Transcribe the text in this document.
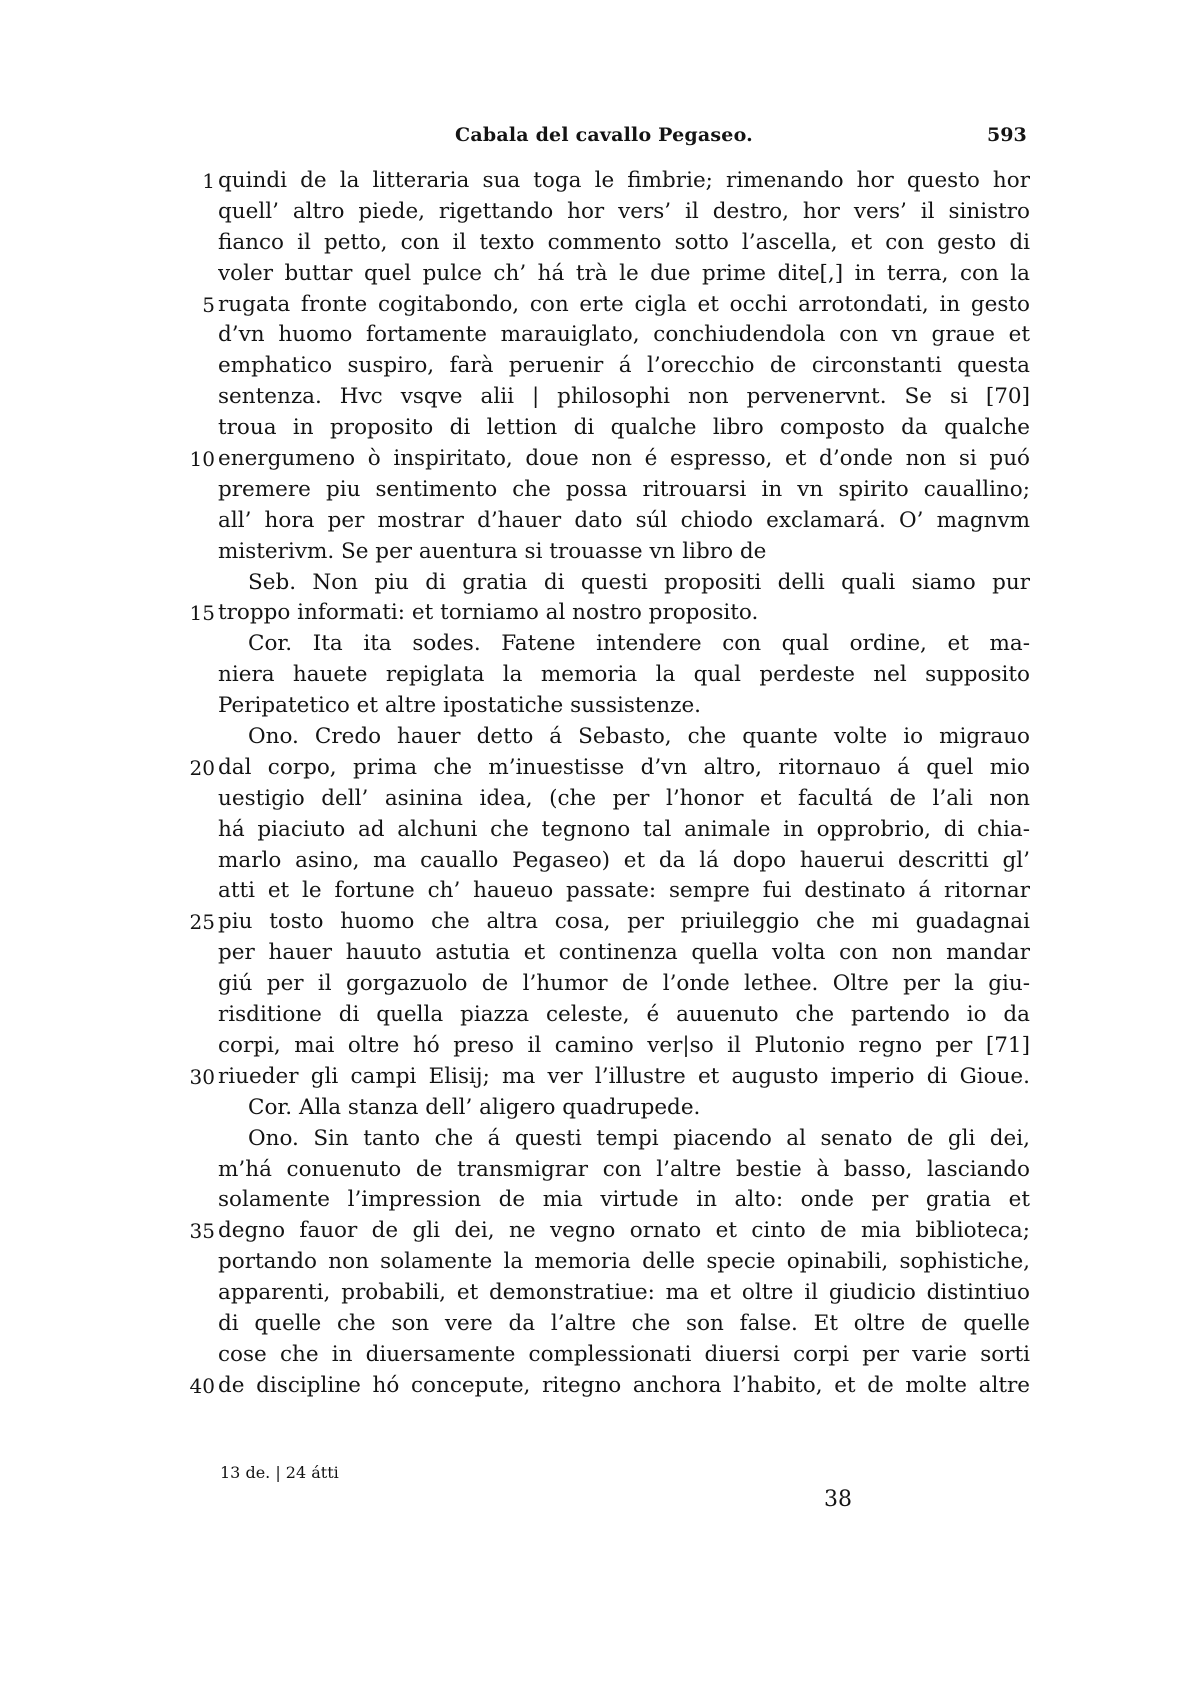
Cabala del cavallo Pegaseo.	593
1 quindi de la litteraria sua toga le fimbrie; rimenando hor questo hor
quell’ altro piede, rigettando hor vers’ il destro, hor vers’ il sinistro
fianco il petto, con il texto commento sotto l’ascella, et con gesto di
voler buttar quel pulce ch’ há trà le due prime dite[,] in terra, con la
5 rugata fronte cogitabondo, con erte cigla et occhi arrotondati, in gesto
d’vn huomo fortamente marauiglato, conchiudendola con vn graue et
emphatico suspiro, farà peruenir á l’orecchio de circonstanti questa
sentenza. Hvc vsqve alii | philosophi non pervenervnt. Se si [70]
troua in proposito di lettion di qualche libro composto da qualche
10 energumeno ò inspiritato, doue non é espresso, et d’onde non si puó
premere piu sentimento che possa ritrouarsi in vn spirito cauallino;
all’ hora per mostrar d’hauer dato súl chiodo exclamará. O’ magnvm
misterivm. Se per auentura si trouasse vn libro de
Seb. Non piu di gratia di questi propositi delli quali siamo pur
15 troppo informati: et torniamo al nostro proposito.
Cor. Ita ita sodes. Fatene intendere con qual ordine, et ma-
niera hauete repiglata la memoria la qual perdeste nel supposito
Peripatetico et altre ipostatiche sussistenze.
Ono. Credo hauer detto á Sebasto, che quante volte io migrauo
20 dal corpo, prima che m’inuestisse d’vn altro, ritornauo á quel mio
uestigio dell’ asinina idea, (che per l’honor et facultá de l’ali non
há piaciuto ad alchuni che tegnono tal animale in opprobrio, di chia-
marlo asino, ma cauallo Pegaseo) et da lá dopo hauerui descritti gl’
atti et le fortune ch’ haueuo passate: sempre fui destinato á ritornar
25 piu tosto huomo che altra cosa, per priuileggio che mi guadagnai
per hauer hauuto astutia et continenza quella volta con non mandar
giú per il gorgazuolo de l’humor de l’onde lethee. Oltre per la giu-
risditione di quella piazza celeste, é auuenuto che partendo io da
corpi, mai oltre hó preso il camino ver|so il Plutonio regno per [71]
30 riueder gli campi Elisij; ma ver l’illustre et augusto imperio di Gioue.
Cor. Alla stanza dell’ aligero quadrupede.
Ono. Sin tanto che á questi tempi piacendo al senato de gli dei,
m’há conuenuto de transmigrar con l’altre bestie à basso, lasciando
solamente l’impression de mia virtude in alto: onde per gratia et
35 degno fauor de gli dei, ne vegno ornato et cinto de mia biblioteca;
portando non solamente la memoria delle specie opinabili, sophistiche,
apparenti, probabili, et demonstratiue: ma et oltre il giudicio distintiuo
di quelle che son vere da l’altre che son false. Et oltre de quelle
cose che in diuersamente complessionati diuersi corpi per varie sorti
40 de discipline hó concepute, ritegno anchora l’habito, et de molte altre
13 de. | 24 átti
38
